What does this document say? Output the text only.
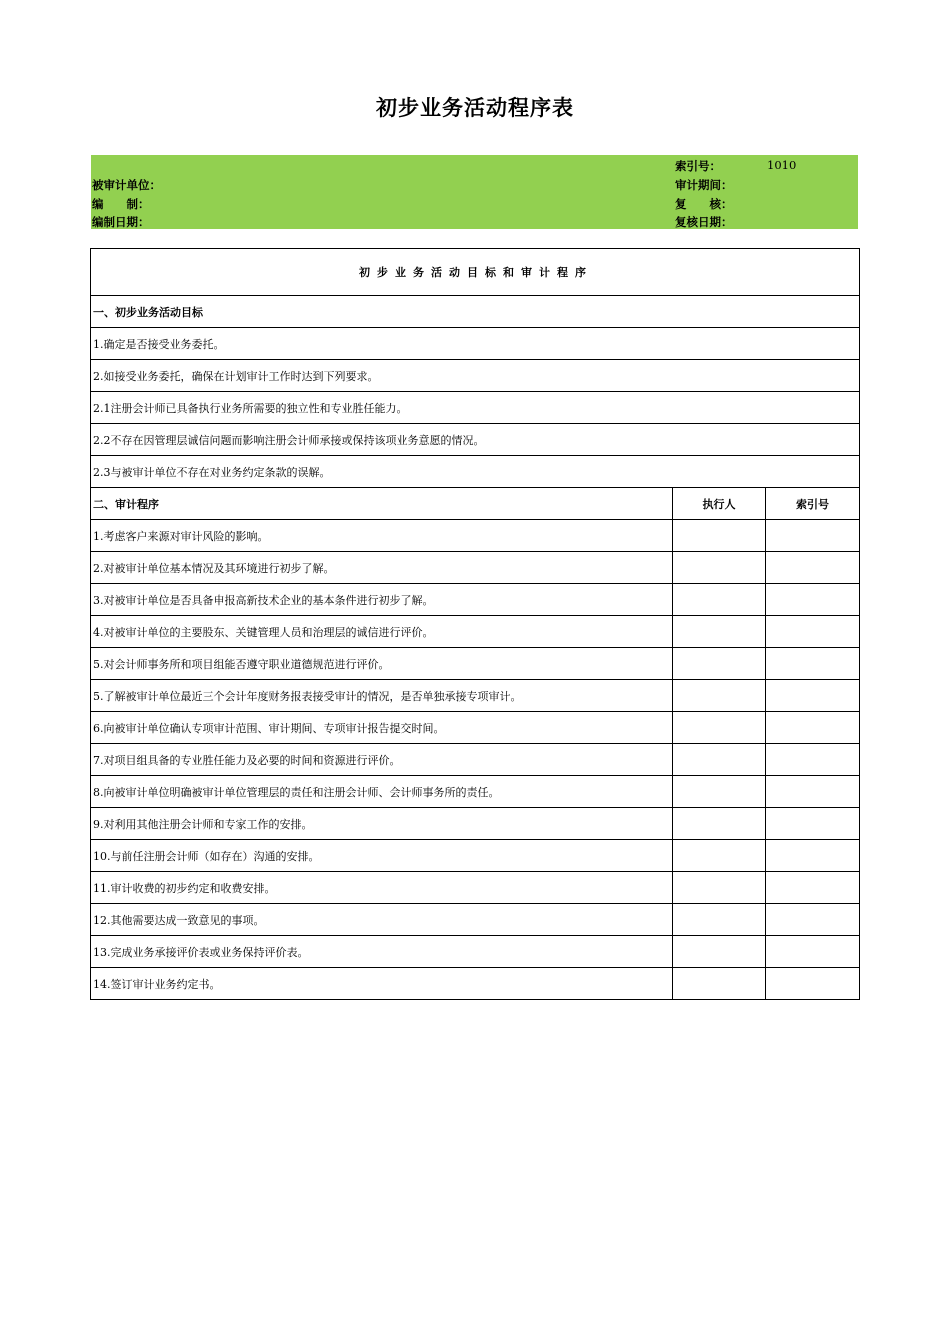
初步业务活动程序表
索引号：	1010
被审计单位：	审计期间：
编　　制：	复　　核：
编制日期：	复核日期：
初步业务活动目标和审计程序		
一、初步业务活动目标		
1.确定是否接受业务委托。		
2.如接受业务委托，确保在计划审计工作时达到下列要求。		
2.1注册会计师已具备执行业务所需要的独立性和专业胜任能力。		
2.2不存在因管理层诚信问题而影响注册会计师承接或保持该项业务意愿的情况。		
2.3与被审计单位不存在对业务约定条款的误解。		
二、审计程序	执行人	索引号
1.考虑客户来源对审计风险的影响。		
2.对被审计单位基本情况及其环境进行初步了解。		
3.对被审计单位是否具备申报高新技术企业的基本条件进行初步了解。		
4.对被审计单位的主要股东、关键管理人员和治理层的诚信进行评价。		
5.对会计师事务所和项目组能否遵守职业道德规范进行评价。		
5.了解被审计单位最近三个会计年度财务报表接受审计的情况，是否单独承接专项审计。		
6.向被审计单位确认专项审计范围、审计期间、专项审计报告提交时间。		
7.对项目组具备的专业胜任能力及必要的时间和资源进行评价。		
8.向被审计单位明确被审计单位管理层的责任和注册会计师、会计师事务所的责任。		
9.对利用其他注册会计师和专家工作的安排。		
10.与前任注册会计师（如存在）沟通的安排。		
11.审计收费的初步约定和收费安排。		
12.其他需要达成一致意见的事项。		
13.完成业务承接评价表或业务保持评价表。		
14.签订审计业务约定书。		
